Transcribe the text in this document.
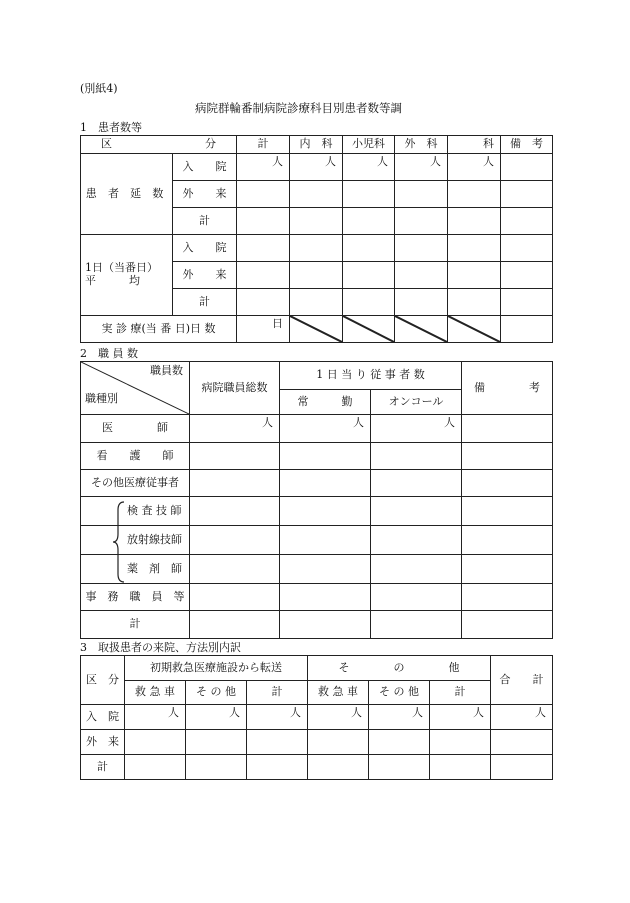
(別紙4)
病院群輪番制病院診療科目別患者数等調
1　患者数等
区 分		計	内　科	小児科	外　科	科	備　考
患 者 延 数	入　　院	人	人	人	人	人	
	外　　来						
	計						

1日（当番日）
平　　　均	入　　院						
	外　　来						
	計						
実 診 療(当 番 日)日 数		日	

2　職 員 数
職員数
職種別	病院職員総数	1 日 当 り 従 事 者 数		備　　　　考
		常　　　勤	オンコール	
医　　　　師	人	人	人	
看　　護　　師				
その他医療従事者				
検 査 技 師				
放射線技師				
薬　剤　師				
事　務　職　員　等				
計				
3　取扱患者の来院、方法別内訳
区　分	初期救急医療施設から転送			そ　　　　の　　　　他			合　　計
	救 急 車	そ の 他	計	救 急 車	そ の 他	計	
入　院	人	人	人	人	人	人	人
外　来							
計							
